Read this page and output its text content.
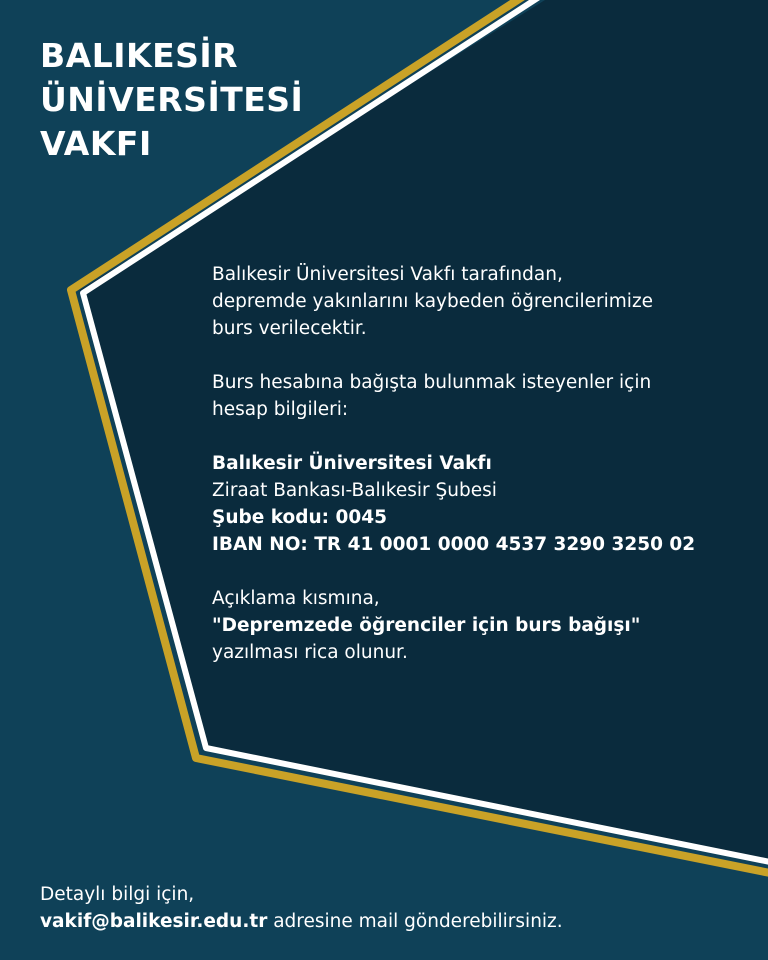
BALIKESİR
ÜNİVERSİTESİ
VAKFI
Balıkesir Üniversitesi Vakfı tarafından,
depremde yakınlarını kaybeden öğrencilerimize
burs verilecektir.
Burs hesabına bağışta bulunmak isteyenler için
hesap bilgileri:
Balıkesir Üniversitesi Vakfı
Ziraat Bankası-Balıkesir Şubesi
Şube kodu: 0045
IBAN NO: TR 41 0001 0000 4537 3290 3250 02
Açıklama kısmına,
"Depremzede öğrenciler için burs bağışı"
yazılması rica olunur.
Detaylı bilgi için,
vakif@balikesir.edu.tr adresine mail gönderebilirsiniz.
